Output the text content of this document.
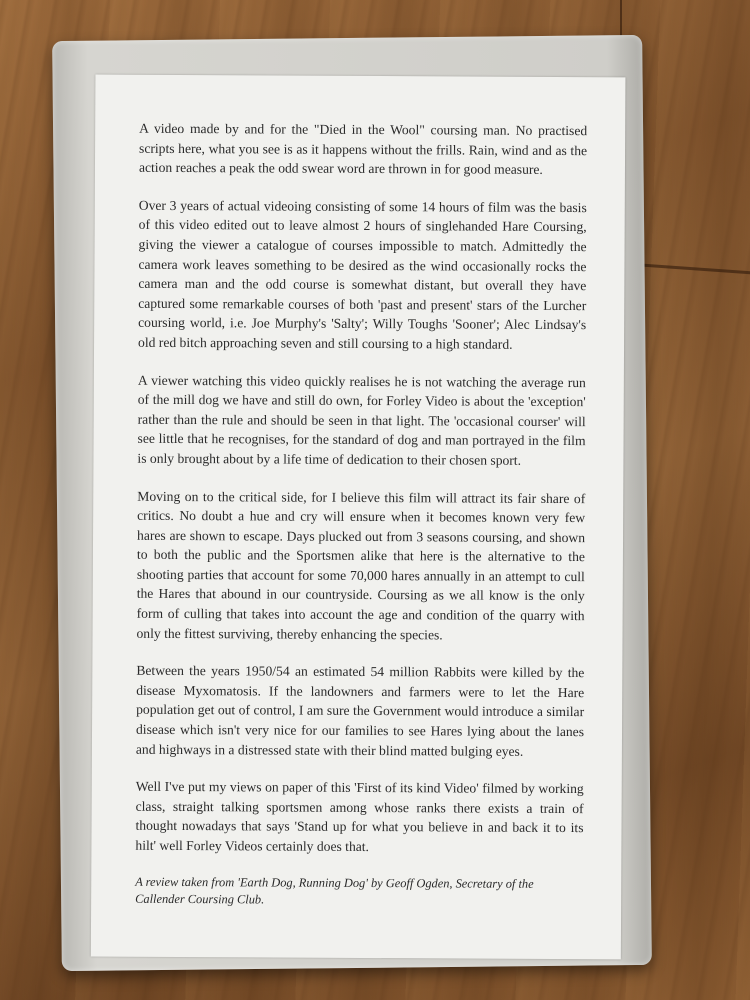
A video made by and for the "Died in the Wool" coursing man. No practised scripts here, what you see is as it happens without the frills. Rain, wind and as the action reaches a peak the odd swear word are thrown in for good measure.

Over 3 years of actual videoing consisting of some 14 hours of film was the basis of this video edited out to leave almost 2 hours of singlehanded Hare Coursing, giving the viewer a catalogue of courses impossible to match. Admittedly the camera work leaves something to be desired as the wind occasionally rocks the camera man and the odd course is somewhat distant, but overall they have captured some remarkable courses of both 'past and present' stars of the Lurcher coursing world, i.e. Joe Murphy's 'Salty'; Willy Toughs 'Sooner'; Alec Lindsay's old red bitch approaching seven and still coursing to a high standard.

A viewer watching this video quickly realises he is not watching the average run of the mill dog we have and still do own, for Forley Video is about the 'exception' rather than the rule and should be seen in that light. The 'occasional courser' will see little that he recognises, for the standard of dog and man portrayed in the film is only brought about by a life time of dedication to their chosen sport.

Moving on to the critical side, for I believe this film will attract its fair share of critics. No doubt a hue and cry will ensure when it becomes known very few hares are shown to escape. Days plucked out from 3 seasons coursing, and shown to both the public and the Sportsmen alike that here is the alternative to the shooting parties that account for some 70,000 hares annually in an attempt to cull the Hares that abound in our countryside. Coursing as we all know is the only form of culling that takes into account the age and condition of the quarry with only the fittest surviving, thereby enhancing the species.

Between the years 1950/54 an estimated 54 million Rabbits were killed by the disease Myxomatosis. If the landowners and farmers were to let the Hare population get out of control, I am sure the Government would introduce a similar disease which isn't very nice for our families to see Hares lying about the lanes and highways in a distressed state with their blind matted bulging eyes.

Well I've put my views on paper of this 'First of its kind Video' filmed by working class, straight talking sportsmen among whose ranks there exists a train of thought nowadays that says 'Stand up for what you believe in and back it to its hilt' well Forley Videos certainly does that.

A review taken from 'Earth Dog, Running Dog' by Geoff Ogden, Secretary of the Callender Coursing Club.
